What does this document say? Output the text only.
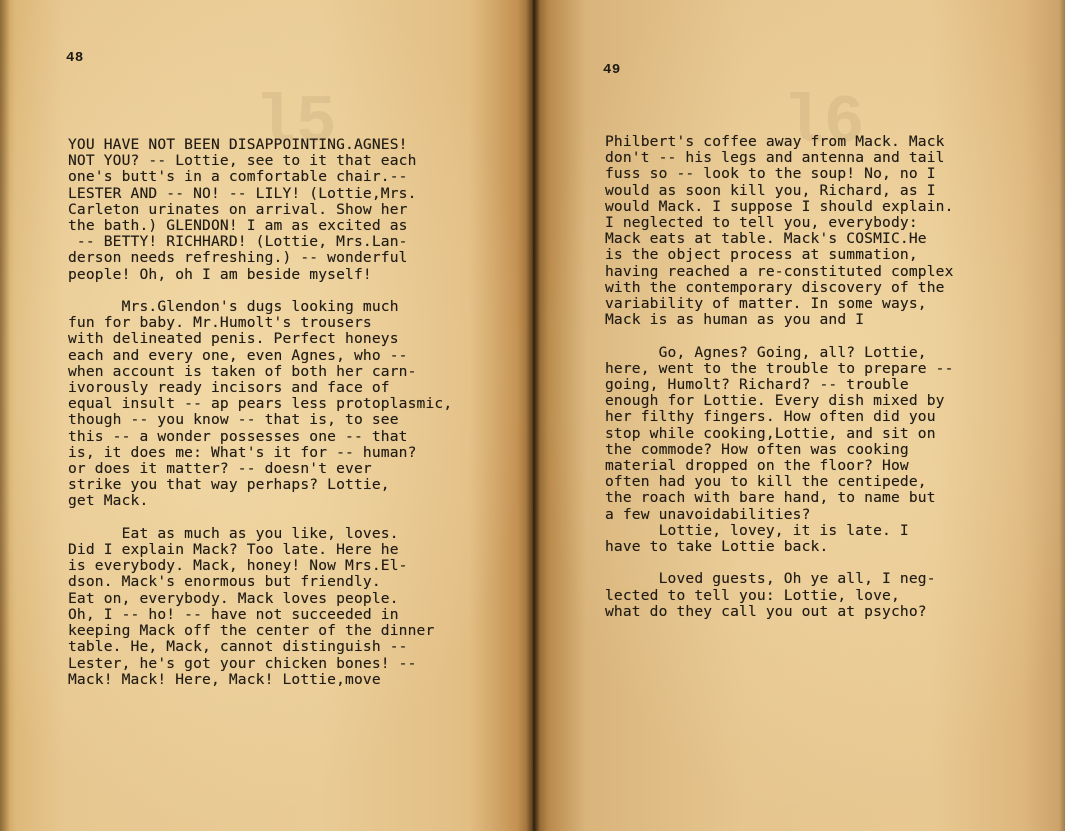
l5
48
YOU HAVE NOT BEEN DISAPPOINTING.AGNES!
NOT YOU? -- Lottie, see to it that each
one's butt's in a comfortable chair.--
LESTER AND -- NO! -- LILY! (Lottie,Mrs.
Carleton urinates on arrival. Show her
the bath.) GLENDON! I am as excited as
-- BETTY! RICHHARD! (Lottie, Mrs.Lan-
derson needs refreshing.) -- wonderful
people! Oh, oh I am beside myself!

Mrs.Glendon's dugs looking much
fun for baby. Mr.Humolt's trousers
with delineated penis. Perfect honeys
each and every one, even Agnes, who --
when account is taken of both her carn-
ivorously ready incisors and face of
equal insult -- ap pears less protoplasmic,
though -- you know -- that is, to see
this -- a wonder possesses one -- that
is, it does me: What's it for -- human?
or does it matter? -- doesn't ever
strike you that way perhaps? Lottie,
get Mack.

Eat as much as you like, loves.
Did I explain Mack? Too late. Here he
is everybody. Mack, honey! Now Mrs.El-
dson. Mack's enormous but friendly.
Eat on, everybody. Mack loves people.
Oh, I -- ho! -- have not succeeded in
keeping Mack off the center of the dinner
table. He, Mack, cannot distinguish --
Lester, he's got your chicken bones! --
Mack! Mack! Here, Mack! Lottie,move
l6
49
Philbert's coffee away from Mack. Mack
don't -- his legs and antenna and tail
fuss so -- look to the soup! No, no I
would as soon kill you, Richard, as I
would Mack. I suppose I should explain.
I neglected to tell you, everybody:
Mack eats at table. Mack's COSMIC.He
is the object process at summation,
having reached a re-constituted complex
with the contemporary discovery of the
variability of matter. In some ways,
Mack is as human as you and I

Go, Agnes? Going, all? Lottie,
here, went to the trouble to prepare --
going, Humolt? Richard? -- trouble
enough for Lottie. Every dish mixed by
her filthy fingers. How often did you
stop while cooking,Lottie, and sit on
the commode? How often was cooking
material dropped on the floor? How
often had you to kill the centipede,
the roach with bare hand, to name but
a few unavoidabilities?
Lottie, lovey, it is late. I
have to take Lottie back.

Loved guests, Oh ye all, I neg-
lected to tell you: Lottie, love,
what do they call you out at psycho?
